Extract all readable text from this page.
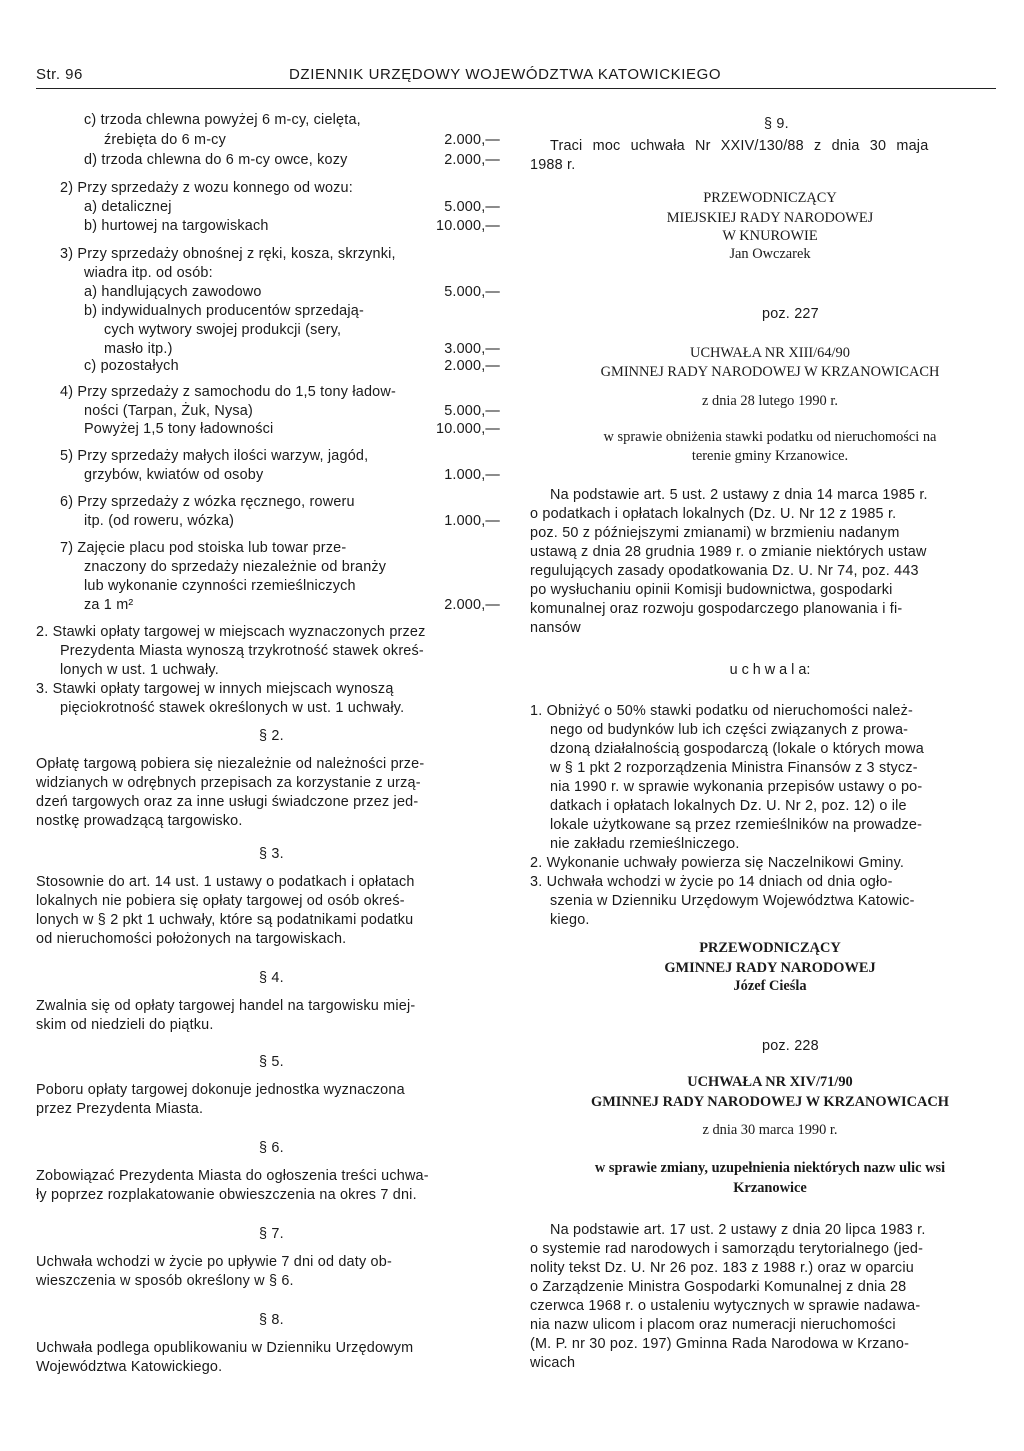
Str. 96	DZIENNIK URZĘDOWY WOJEWÓDZTWA KATOWICKIEGO
c) trzoda chlewna powyżej 6 m-cy, cielęta,
źrebięta do 6 m-cy	2.000,—
d) trzoda chlewna do 6 m-cy owce, kozy	2.000,—
2) Przy sprzedaży z wozu konnego od wozu:
a) detalicznej	5.000,—
b) hurtowej na targowiskach	10.000,—
3) Przy sprzedaży obnośnej z ręki, kosza, skrzynki,
wiadra itp. od osób:
a) handlujących zawodowo	5.000,—
b) indywidualnych producentów sprzedają-
cych wytwory swojej produkcji (sery,
masło itp.)	3.000,—
c) pozostałych	2.000,—
4) Przy sprzedaży z samochodu do 1,5 tony ładow-
ności (Tarpan, Żuk, Nysa)	5.000,—
Powyżej 1,5 tony ładowności	10.000,—
5) Przy sprzedaży małych ilości warzyw, jagód,
grzybów, kwiatów od osoby	1.000,—
6) Przy sprzedaży z wózka ręcznego, roweru
itp. (od roweru, wózka)	1.000,—
7) Zajęcie placu pod stoiska lub towar prze-
znaczony do sprzedaży niezależnie od branży
lub wykonanie czynności rzemieślniczych
za 1 m²	2.000,—
2. Stawki opłaty targowej w miejscach wyznaczonych przez
Prezydenta Miasta wynoszą trzykrotność stawek okreś-
lonych w ust. 1 uchwały.
3. Stawki opłaty targowej w innych miejscach wynoszą
pięciokrotność stawek określonych w ust. 1 uchwały.
§ 2.
Opłatę targową pobiera się niezależnie od należności prze-
widzianych w odrębnych przepisach za korzystanie z urzą-
dzeń targowych oraz za inne usługi świadczone przez jed-
nostkę prowadzącą targowisko.
§ 3.
Stosownie do art. 14 ust. 1 ustawy o podatkach i opłatach
lokalnych nie pobiera się opłaty targowej od osób okreś-
lonych w § 2 pkt 1 uchwały, które są podatnikami podatku
od nieruchomości położonych na targowiskach.
§ 4.
Zwalnia się od opłaty targowej handel na targowisku miej-
skim od niedzieli do piątku.
§ 5.
Poboru opłaty targowej dokonuje jednostka wyznaczona
przez Prezydenta Miasta.
§ 6.
Zobowiązać Prezydenta Miasta do ogłoszenia treści uchwa-
ły poprzez rozplakatowanie obwieszczenia na okres 7 dni.
§ 7.
Uchwała wchodzi w życie po upływie 7 dni od daty ob-
wieszczenia w sposób określony w § 6.
§ 8.
Uchwała podlega opublikowaniu w Dzienniku Urzędowym
Województwa Katowickiego.
§ 9.
Traci moc uchwała Nr XXIV/130/88 z dnia 30 maja
1988 r.
PRZEWODNICZĄCY
MIEJSKIEJ RADY NARODOWEJ
W KNUROWIE
Jan Owczarek
poz. 227
UCHWAŁA NR XIII/64/90
GMINNEJ RADY NARODOWEJ W KRZANOWICACH
z dnia 28 lutego 1990 r.
w sprawie obniżenia stawki podatku od nieruchomości na
terenie gminy Krzanowice.
Na podstawie art. 5 ust. 2 ustawy z dnia 14 marca 1985 r.
o podatkach i opłatach lokalnych (Dz. U. Nr 12 z 1985 r.
poz. 50 z późniejszymi zmianami) w brzmieniu nadanym
ustawą z dnia 28 grudnia 1989 r. o zmianie niektórych ustaw
regulujących zasady opodatkowania Dz. U. Nr 74, poz. 443
po wysłuchaniu opinii Komisji budownictwa, gospodarki
komunalnej oraz rozwoju gospodarczego planowania i fi-
nansów
u c h w a l a:
1. Obniżyć o 50% stawki podatku od nieruchomości należ-
nego od budynków lub ich części związanych z prowa-
dzoną działalnością gospodarczą (lokale o których mowa
w § 1 pkt 2 rozporządzenia Ministra Finansów z 3 stycz-
nia 1990 r. w sprawie wykonania przepisów ustawy o po-
datkach i opłatach lokalnych Dz. U. Nr 2, poz. 12) o ile
lokale użytkowane są przez rzemieślników na prowadze-
nie zakładu rzemieślniczego.
2. Wykonanie uchwały powierza się Naczelnikowi Gminy.
3. Uchwała wchodzi w życie po 14 dniach od dnia ogło-
szenia w Dzienniku Urzędowym Województwa Katowic-
kiego.
PRZEWODNICZĄCY
GMINNEJ RADY NARODOWEJ
Józef Cieśla
poz. 228
UCHWAŁA NR XIV/71/90
GMINNEJ RADY NARODOWEJ W KRZANOWICACH
z dnia 30 marca 1990 r.
w sprawie zmiany, uzupełnienia niektórych nazw ulic wsi
Krzanowice
Na podstawie art. 17 ust. 2 ustawy z dnia 20 lipca 1983 r.
o systemie rad narodowych i samorządu terytorialnego (jed-
nolity tekst Dz. U. Nr 26 poz. 183 z 1988 r.) oraz w oparciu
o Zarządzenie Ministra Gospodarki Komunalnej z dnia 28
czerwca 1968 r. o ustaleniu wytycznych w sprawie nadawa-
nia nazw ulicom i placom oraz numeracji nieruchomości
(M. P. nr 30 poz. 197) Gminna Rada Narodowa w Krzano-
wicach
